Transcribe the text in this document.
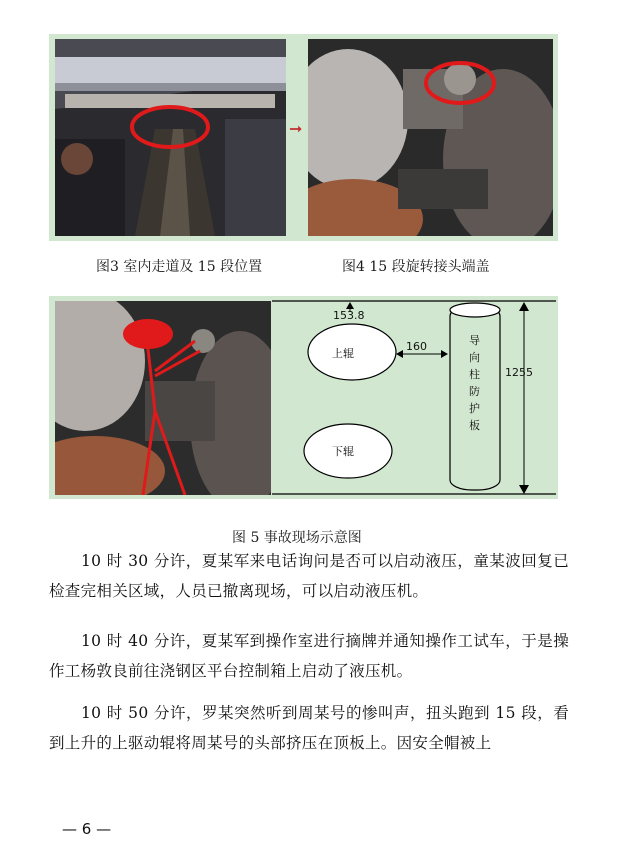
➞
图3 室内走道及 15 段位置	图4 15 段旋转接头端盖
153.8
上辊
下辊
160	导向柱防护板
1255
图 5 事故现场示意图

10 时 30 分许，夏某军来电话询问是否可以启动液压，童某波回复已检查完相关区域，人员已撤离现场，可以启动液压机。

10 时 40 分许，夏某军到操作室进行摘牌并通知操作工试车，于是操作工杨敦良前往浇钢区平台控制箱上启动了液压机。

10 时 50 分许，罗某突然听到周某号的惨叫声，扭头跑到 15 段，看到上升的上驱动辊将周某号的头部挤压在顶板上。因安全帽被上

— 6 —
